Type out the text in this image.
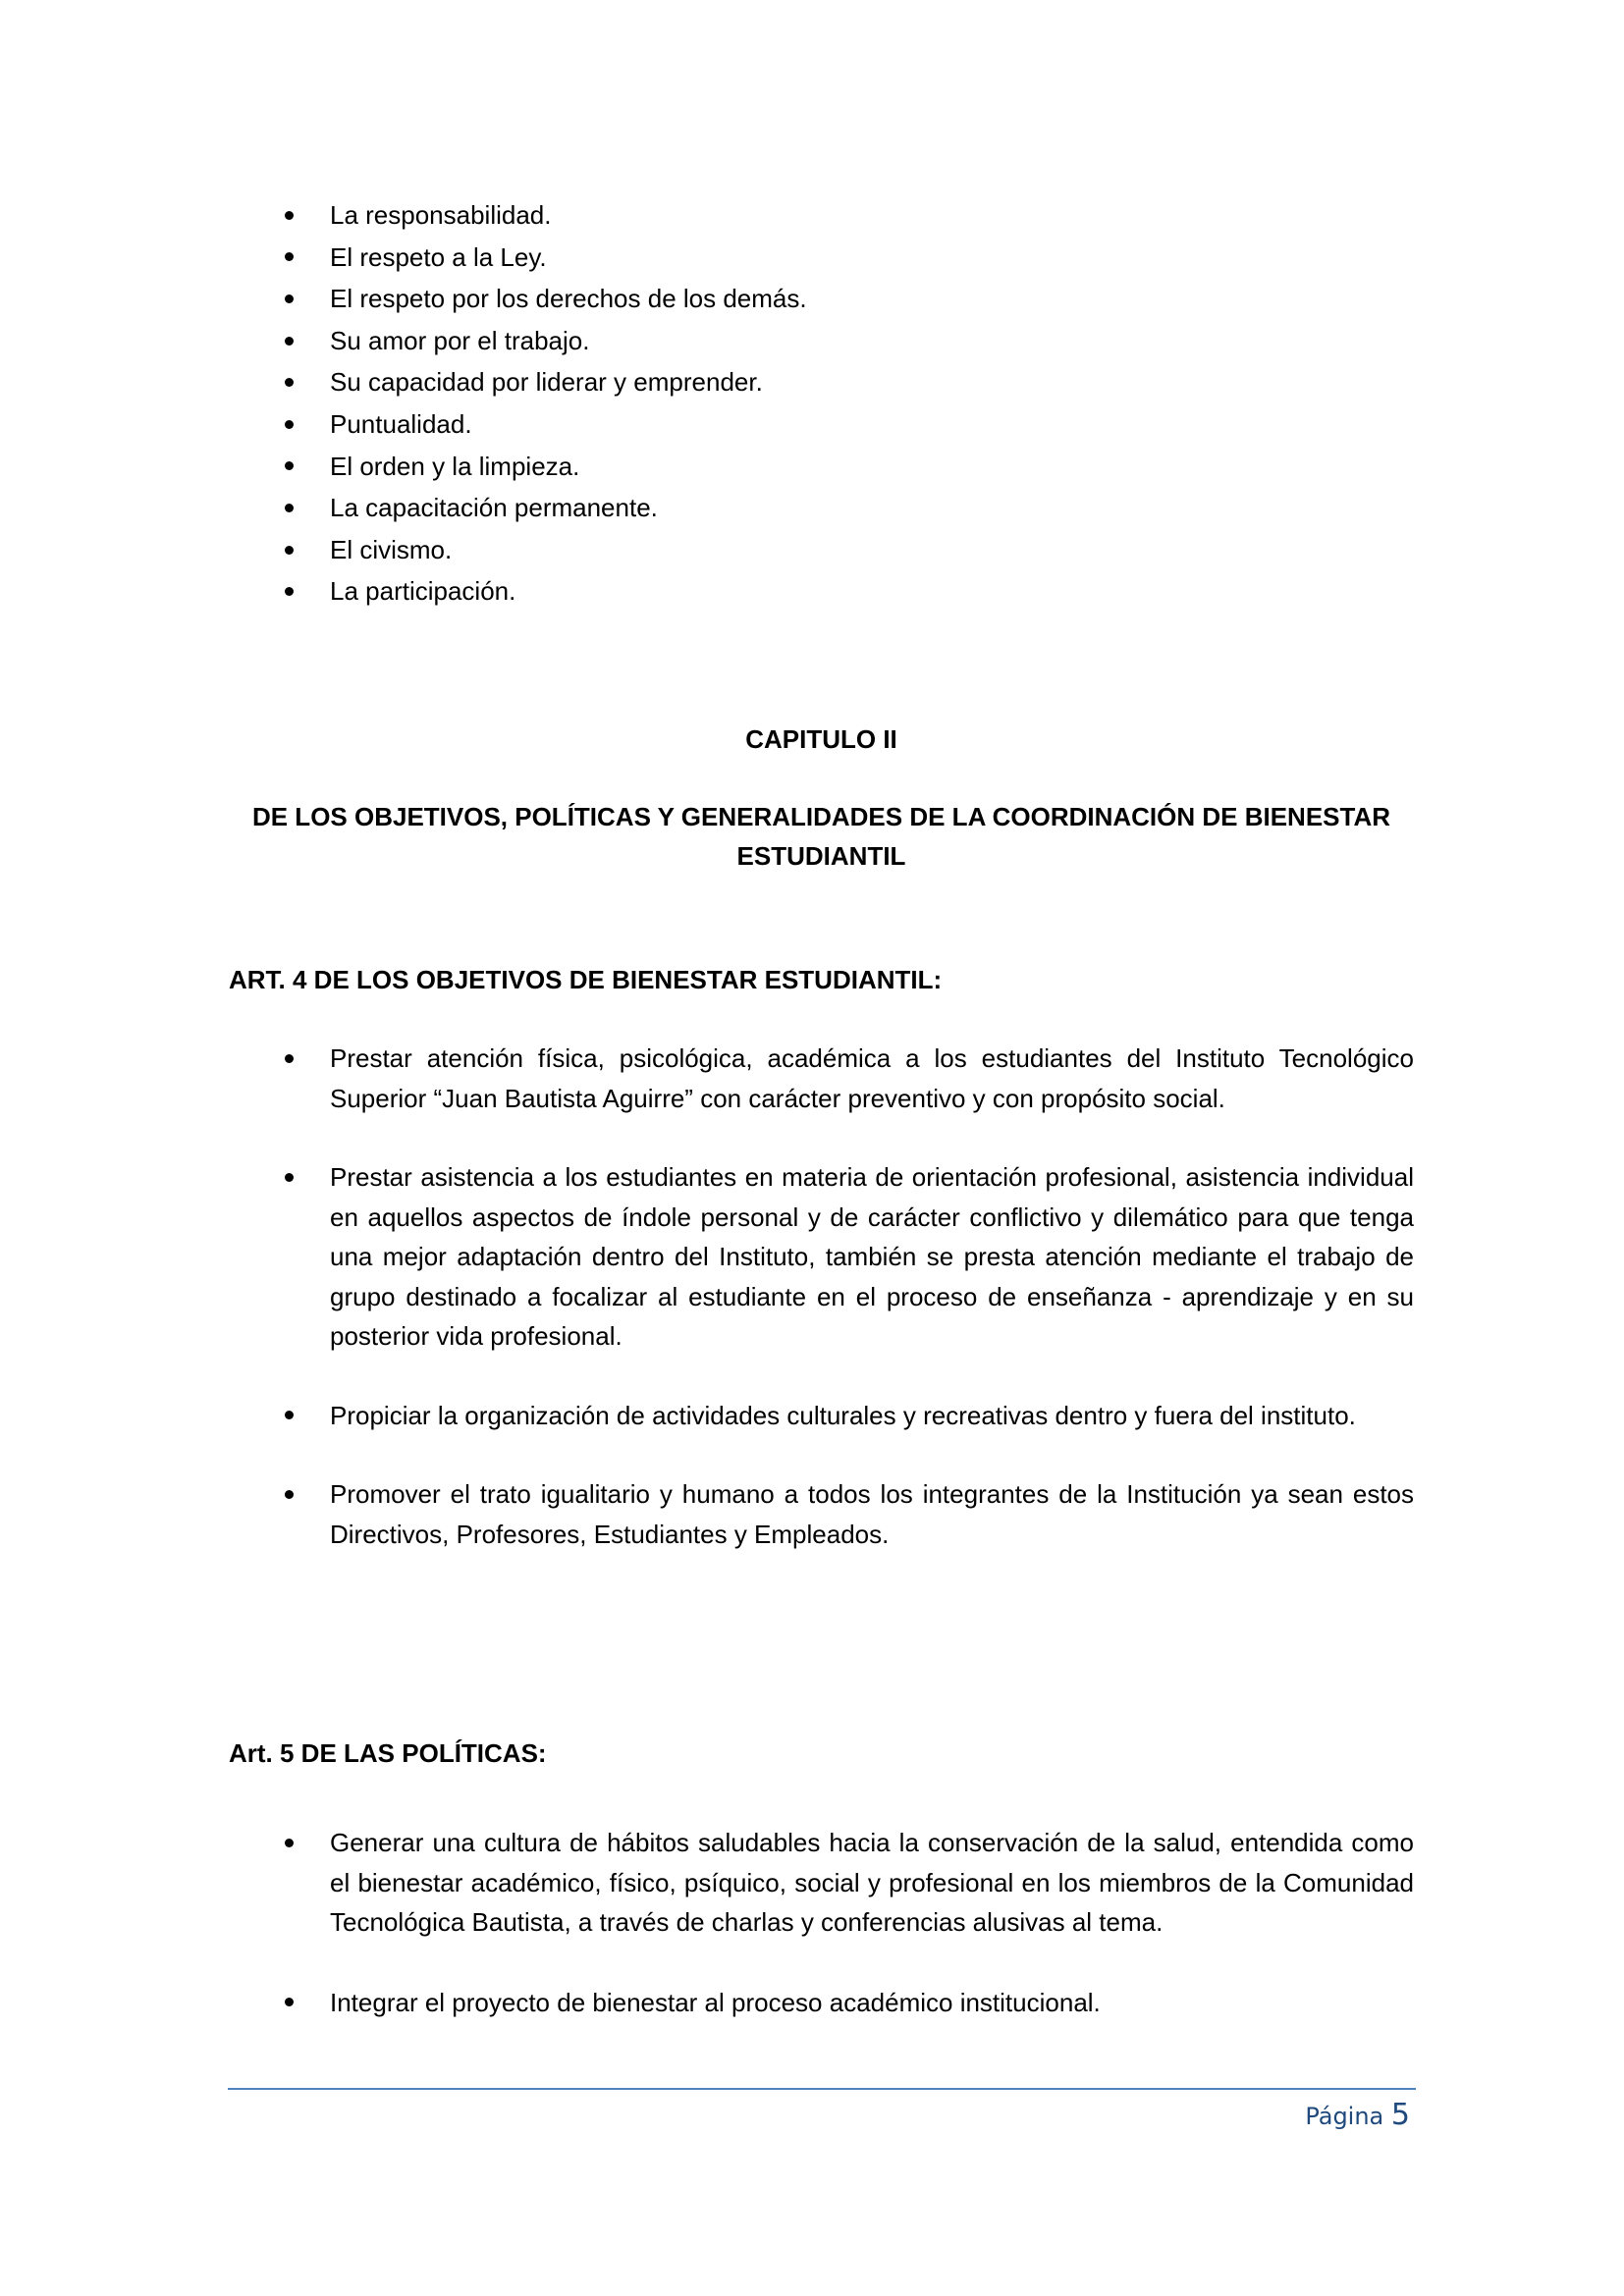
La responsabilidad.
El respeto a la Ley.
El respeto por los derechos de los demás.
Su amor por el trabajo.
Su capacidad por liderar y emprender.
Puntualidad.
El orden y la limpieza.
La capacitación permanente.
El civismo.
La participación.
CAPITULO II
DE LOS OBJETIVOS, POLÍTICAS Y GENERALIDADES DE LA COORDINACIÓN DE BIENESTAR ESTUDIANTIL
ART. 4 DE LOS OBJETIVOS DE BIENESTAR ESTUDIANTIL:
Prestar atención física, psicológica, académica a los estudiantes del Instituto Tecnológico Superior “Juan Bautista Aguirre” con carácter preventivo y con propósito social.
Prestar asistencia a los estudiantes en materia de orientación profesional, asistencia individual en aquellos aspectos de índole personal y de carácter conflictivo y dilemático para que tenga una mejor adaptación dentro del Instituto, también se presta atención mediante el trabajo de grupo destinado a focalizar al estudiante en el proceso de enseñanza - aprendizaje y en su posterior vida profesional.
Propiciar la organización de actividades culturales y recreativas dentro y fuera del instituto.
Promover el trato igualitario y humano a todos los integrantes de la Institución ya sean estos Directivos, Profesores, Estudiantes y Empleados.
Art. 5 DE LAS POLÍTICAS:
Generar una cultura de hábitos saludables hacia la conservación de la salud, entendida como el bienestar académico, físico, psíquico, social y profesional en los miembros de la Comunidad Tecnológica Bautista, a través de charlas y conferencias alusivas al tema.
Integrar el proyecto de bienestar al proceso académico institucional.
Página 5
